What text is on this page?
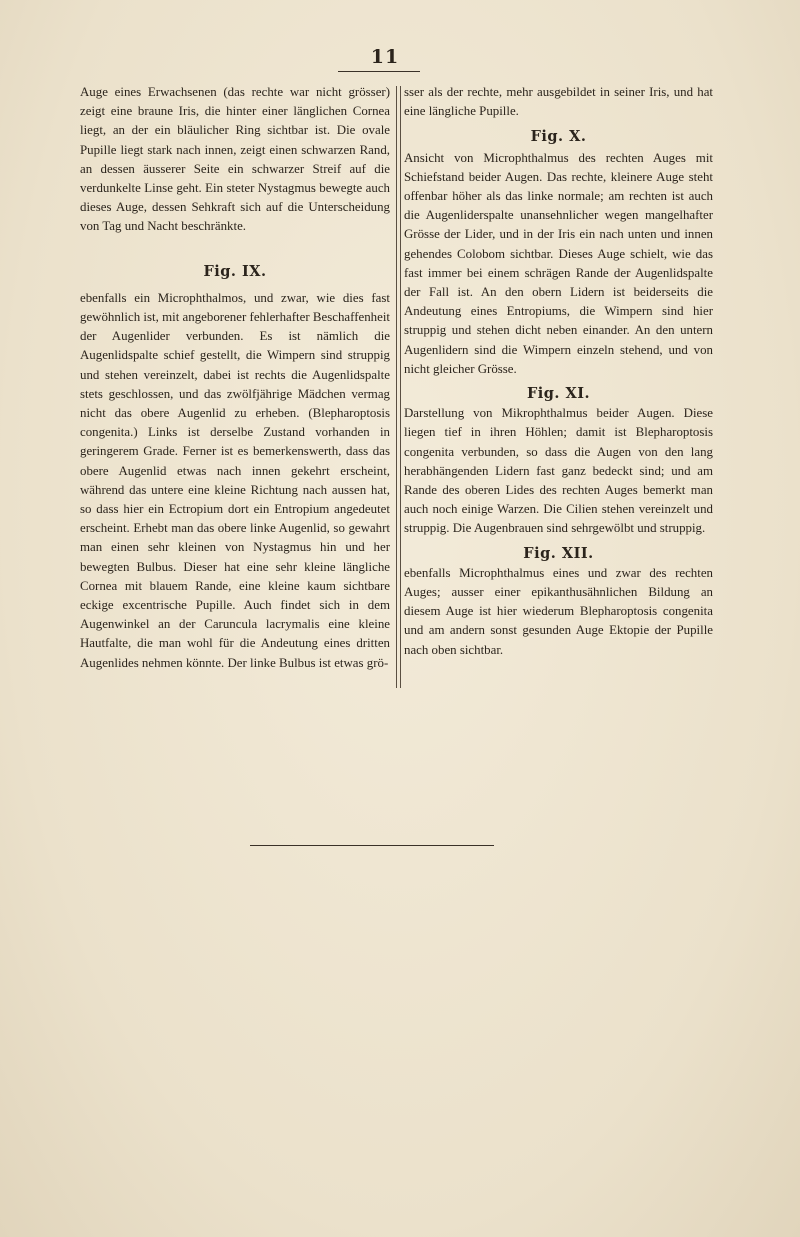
11

Auge eines Erwachsenen (das rechte war nicht grösser) zeigt eine braune Iris, die hinter einer länglichen Cornea liegt, an der ein bläulicher Ring sichtbar ist. Die ovale Pupille liegt stark nach innen, zeigt einen schwarzen Rand, an dessen äusserer Seite ein schwarzer Streif auf die verdunkelte Linse geht. Ein steter Nystagmus bewegte auch dieses Auge, dessen Sehkraft sich auf die Unterscheidung von Tag und Nacht beschränkte.

Fig. IX.

ebenfalls ein Microphthalmos, und zwar, wie dies fast gewöhnlich ist, mit angeborener fehlerhafter Beschaffenheit der Augenlider verbunden. Es ist nämlich die Augenlidspalte schief gestellt, die Wimpern sind struppig und stehen vereinzelt, dabei ist rechts die Augenlidspalte stets geschlossen, und das zwölfjährige Mädchen vermag nicht das obere Augenlid zu erheben. (Blepharoptosis congenita.) Links ist derselbe Zustand vorhanden in geringerem Grade. Ferner ist es bemerkenswerth, dass das obere Augenlid etwas nach innen gekehrt erscheint, während das untere eine kleine Richtung nach aussen hat, so dass hier ein Ectropium dort ein Entropium angedeutet erscheint. Erhebt man das obere linke Augenlid, so gewahrt man einen sehr kleinen von Nystagmus hin und her bewegten Bulbus. Dieser hat eine sehr kleine längliche Cornea mit blauem Rande, eine kleine kaum sichtbare eckige excentrische Pupille. Auch findet sich in dem Augenwinkel an der Caruncula lacrymalis eine kleine Hautfalte, die man wohl für die Andeutung eines dritten Augenlides nehmen könnte. Der linke Bulbus ist etwas grö-

sser als der rechte, mehr ausgebildet in seiner Iris, und hat eine längliche Pupille.

Fig. X.

Ansicht von Microphthalmus des rechten Auges mit Schiefstand beider Augen. Das rechte, kleinere Auge steht offenbar höher als das linke normale; am rechten ist auch die Augenliderspalte unansehnlicher wegen mangelhafter Grösse der Lider, und in der Iris ein nach unten und innen gehendes Colobom sichtbar. Dieses Auge schielt, wie das fast immer bei einem schrägen Rande der Augenlidspalte der Fall ist. An den obern Lidern ist beiderseits die Andeutung eines Entropiums, die Wimpern sind hier struppig und stehen dicht neben einander. An den untern Augenlidern sind die Wimpern einzeln stehend, und von nicht gleicher Grösse.

Fig. XI.

Darstellung von Mikrophthalmus beider Augen. Diese liegen tief in ihren Höhlen; damit ist Blepharoptosis congenita verbunden, so dass die Augen von den lang herabhängenden Lidern fast ganz bedeckt sind; und am Rande des oberen Lides des rechten Auges bemerkt man auch noch einige Warzen. Die Cilien stehen vereinzelt und struppig. Die Augenbrauen sind sehrgewölbt und struppig.

Fig. XII.

ebenfalls Microphthalmus eines und zwar des rechten Auges; ausser einer epikanthusähnlichen Bildung an diesem Auge ist hier wiederum Blepharoptosis congenita und am andern sonst gesunden Auge Ektopie der Pupille nach oben sichtbar.
